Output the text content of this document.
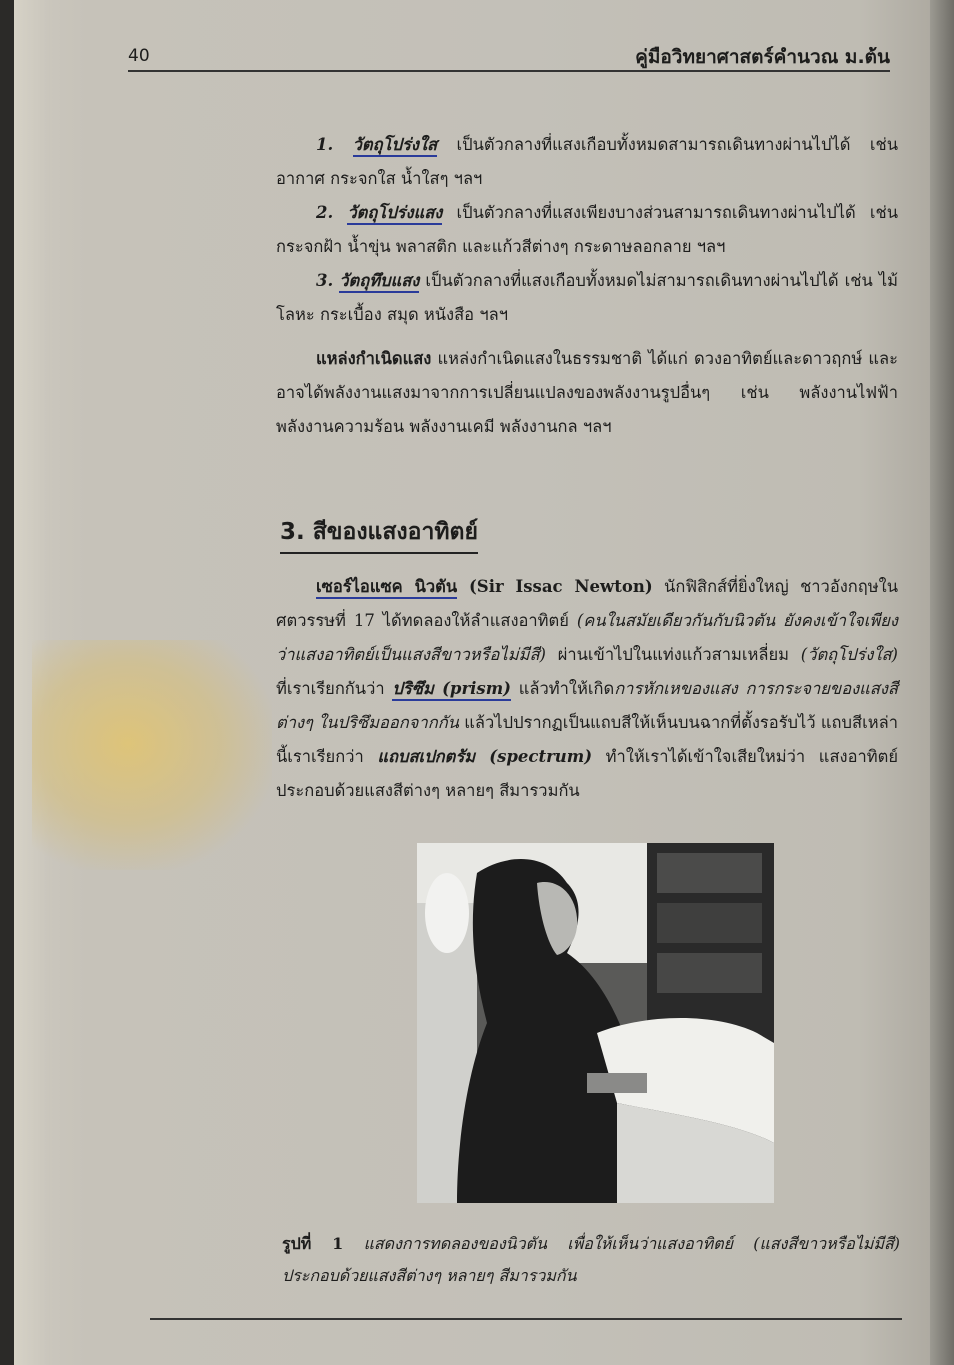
40	คู่มือวิทยาศาสตร์คำนวณ ม.ต้น

1. วัตถุโปร่งใส เป็นตัวกลางที่แสงเกือบทั้งหมดสามารถเดินทางผ่านไปได้ เช่น อากาศ กระจกใส น้ำใสๆ ฯลฯ

2. วัตถุโปร่งแสง เป็นตัวกลางที่แสงเพียงบางส่วนสามารถเดินทางผ่านไปได้ เช่น กระจกฝ้า น้ำขุ่น พลาสติก และแก้วสีต่างๆ กระดาษลอกลาย ฯลฯ

3. วัตถุทึบแสง เป็นตัวกลางที่แสงเกือบทั้งหมดไม่สามารถเดินทางผ่านไปได้ เช่น ไม้ โลหะ กระเบื้อง สมุด หนังสือ ฯลฯ

แหล่งกำเนิดแสง แหล่งกำเนิดแสงในธรรมชาติ ได้แก่ ดวงอาทิตย์และดาวฤกษ์ และอาจได้พลังงานแสงมาจากการเปลี่ยนแปลงของพลังงานรูปอื่นๆ เช่น พลังงานไฟฟ้า พลังงานความร้อน พลังงานเคมี พลังงานกล ฯลฯ

3. สีของแสงอาทิตย์

เซอร์ไอแซค นิวตัน (Sir Issac Newton) นักฟิสิกส์ที่ยิ่งใหญ่ ชาวอังกฤษในศตวรรษที่ 17 ได้ทดลองให้ลำแสงอาทิตย์ (คนในสมัยเดียวกันกับนิวตัน ยังคงเข้าใจเพียงว่าแสงอาทิตย์เป็นแสงสีขาวหรือไม่มีสี) ผ่านเข้าไปในแท่งแก้วสามเหลี่ยม (วัตถุโปร่งใส) ที่เราเรียกกันว่า ปริซึม (prism) แล้วทำให้เกิดการหักเหของแสง การกระจายของแสงสีต่างๆ ในปริซึมออกจากกัน แล้วไปปรากฏเป็นแถบสีให้เห็นบนฉากที่ตั้งรอรับไว้ แถบสีเหล่านี้เราเรียกว่า แถบสเปกตรัม (spectrum) ทำให้เราได้เข้าใจเสียใหม่ว่า แสงอาทิตย์ประกอบด้วยแสงสีต่างๆ หลายๆ สีมารวมกัน

รูปที่ 1 แสดงการทดลองของนิวตัน เพื่อให้เห็นว่าแสงอาทิตย์ (แสงสีขาวหรือไม่มีสี) ประกอบด้วยแสงสีต่างๆ หลายๆ สีมารวมกัน
